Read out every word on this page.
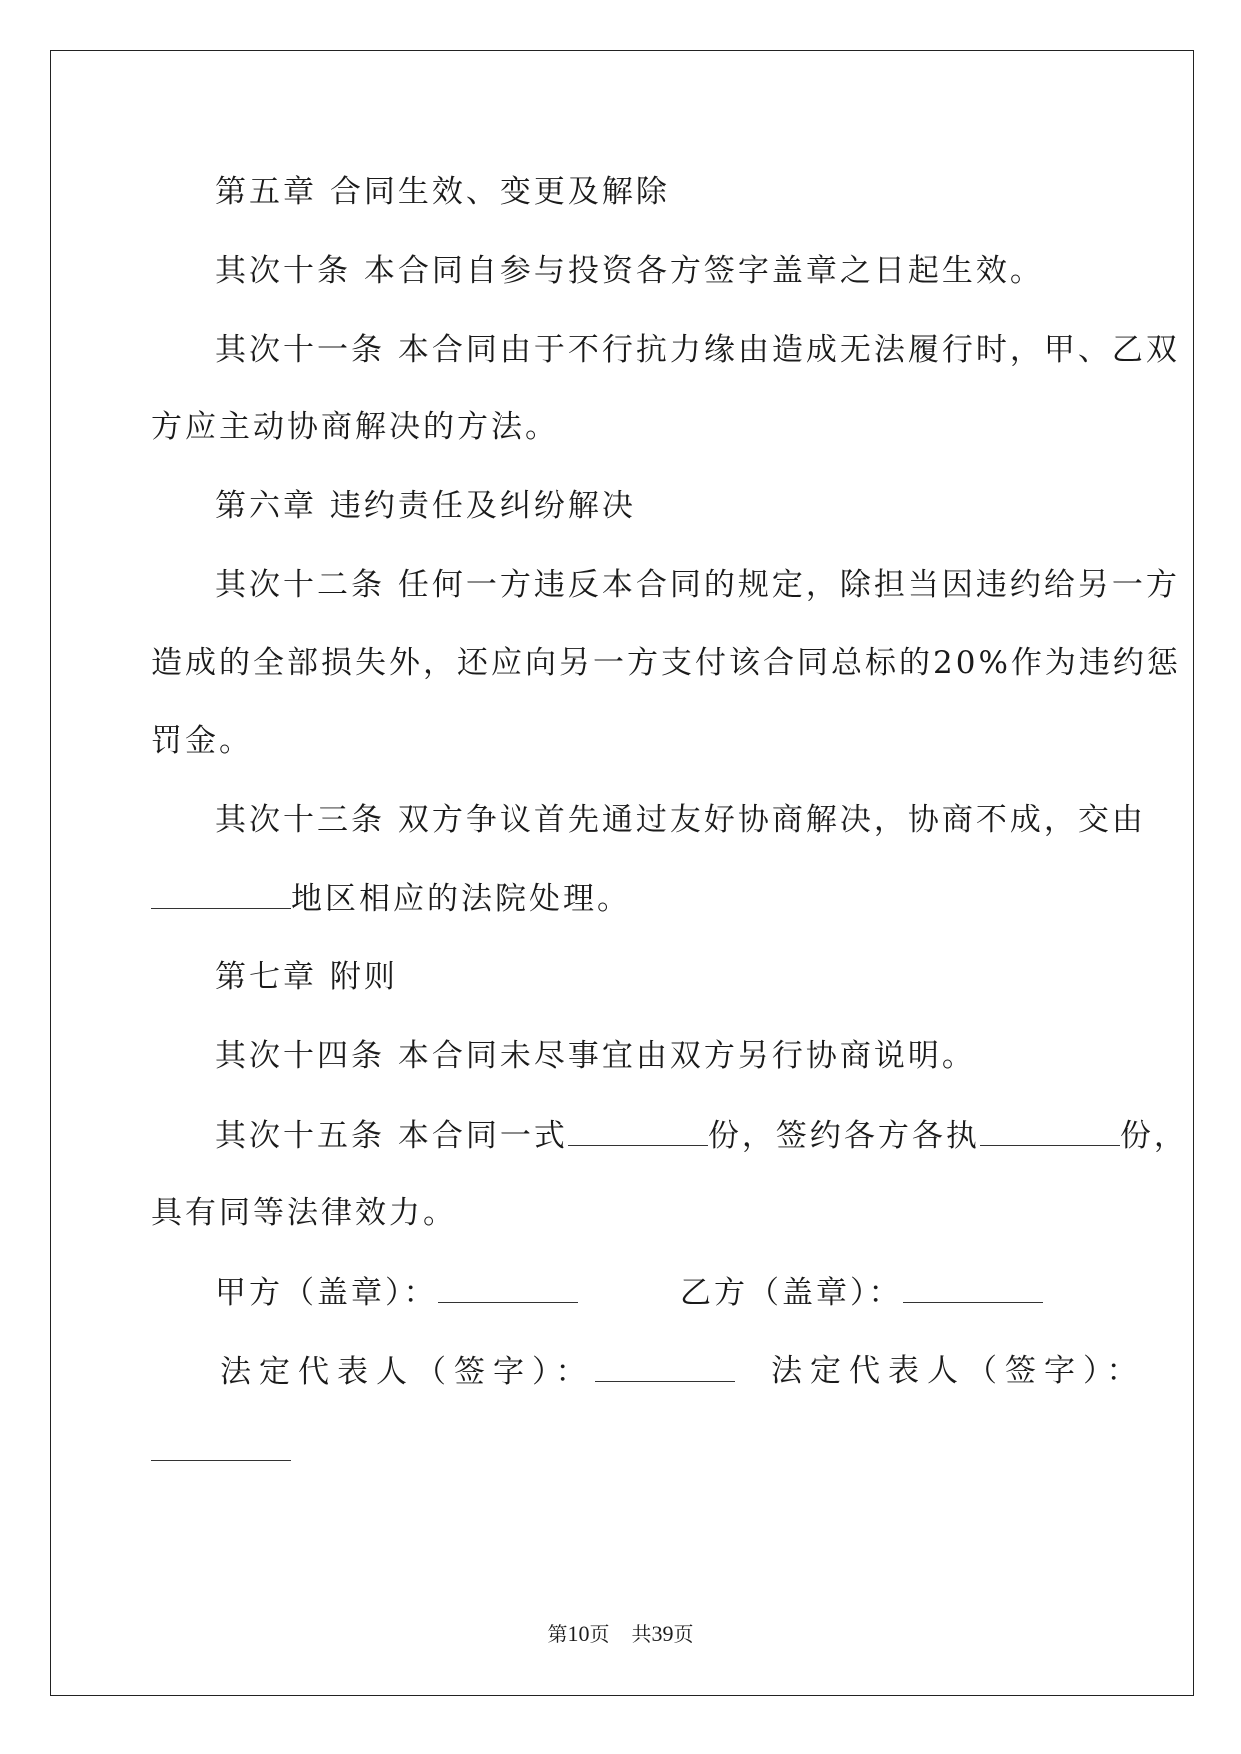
第五章 合同生效、变更及解除
其次十条 本合同自参与投资各方签字盖章之日起生效。
其次十一条 本合同由于不行抗力缘由造成无法履行时，甲、乙双
方应主动协商解决的方法。
第六章 违约责任及纠纷解决
其次十二条 任何一方违反本合同的规定，除担当因违约给另一方
造成的全部损失外，还应向另一方支付该合同总标的20%作为违约惩
罚金。
其次十三条 双方争议首先通过友好协商解决，协商不成，交由
地区相应的法院处理。
第七章 附则
其次十四条 本合同未尽事宜由双方另行协商说明。
其次十五条 本合同一式	份，签约各方各执	份，
具有同等法律效力。
甲方（盖章）：	乙方（盖章）：
法定代表人（签字）：	法定代表人（签字）：
第10页 共39页
